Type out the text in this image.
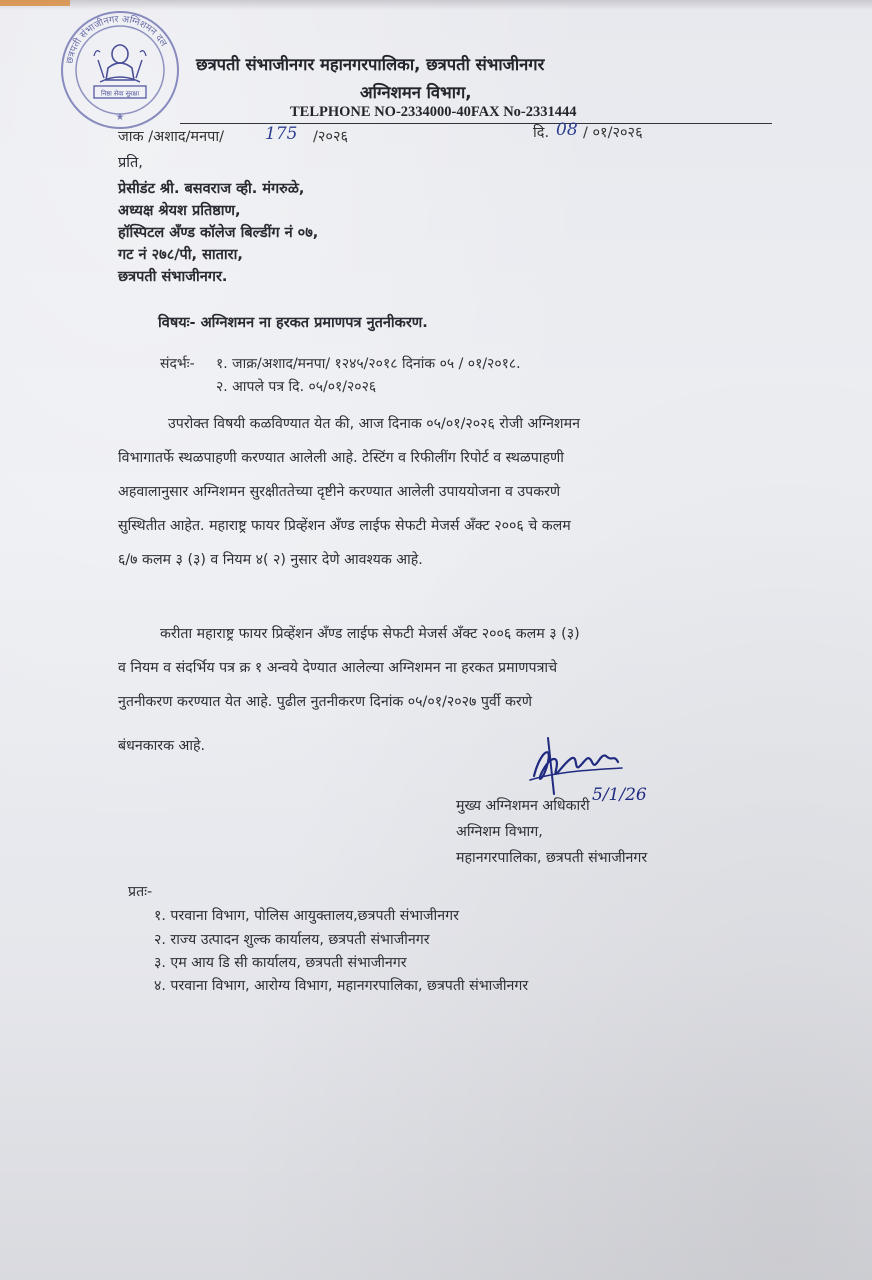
छत्रपती संभाजीनगर अग्निशमन दल
निष्ठा सेवा सुरक्षा
★
छत्रपती संभाजीनगर महानगरपालिका, छत्रपती संभाजीनगर
अग्निशमन विभाग,
TELPHONE NO-2334000-40FAX No-2331444
जाक /अशाद/मनपा/ 175 /२०२६	दि. 08 / ०१/२०२६
प्रति,
प्रेसीडंट श्री. बसवराज व्ही. मंगरुळे,
अध्यक्ष श्रेयश प्रतिष्ठाण,
हॉस्पिटल अँण्ड कॉलेज बिल्डींग नं ०७,
गट नं २७८/पी, सातारा,
छत्रपती संभाजीनगर.
विषयः- अग्निशमन ना हरकत प्रमाणपत्र नुतनीकरण.
संदर्भः- १. जाक्र/अशाद/मनपा/ १२४५/२०१८ दिनांक ०५ / ०१/२०१८.
२. आपले पत्र दि. ०५/०१/२०२६
उपरोक्त विषयी कळविण्यात येत की, आज दिनाक ०५/०१/२०२६ रोजी अग्निशमन
विभागातर्फे स्थळपाहणी करण्यात आलेली आहे. टेस्टिंग व रिफीलींग रिपोर्ट व स्थळपाहणी
अहवालानुसार अग्निशमन सुरक्षीततेच्या दृष्टीने करण्यात आलेली उपाययोजना व उपकरणे
सुस्थितीत आहेत. महाराष्ट्र फायर प्रिव्हेंशन अँण्ड लाईफ सेफटी मेजर्स अँक्ट २००६ चे कलम
६/७ कलम ३ (३) व नियम ४( २) नुसार देणे आवश्यक आहे.
करीता महाराष्ट्र फायर प्रिव्हेंशन अँण्ड लाईफ सेफटी मेजर्स अँक्ट २००६ कलम ३ (३)
व नियम व संदर्भिय पत्र क्र १ अन्वये देण्यात आलेल्या अग्निशमन ना हरकत प्रमाणपत्राचे
नुतनीकरण करण्यात येत आहे. पुढील नुतनीकरण दिनांक ०५/०१/२०२७ पुर्वी करणे
बंधनकारक आहे.
5/1/26
मुख्य अग्निशमन अधिकारी
अग्निशम विभाग,
महानगरपालिका, छत्रपती संभाजीनगर
प्रतः-
१. परवाना विभाग, पोलिस आयुक्तालय,छत्रपती संभाजीनगर
२. राज्य उत्पादन शुल्क कार्यालय, छत्रपती संभाजीनगर
३. एम आय डि सी कार्यालय, छत्रपती संभाजीनगर
४. परवाना विभाग, आरोग्य विभाग, महानगरपालिका, छत्रपती संभाजीनगर
